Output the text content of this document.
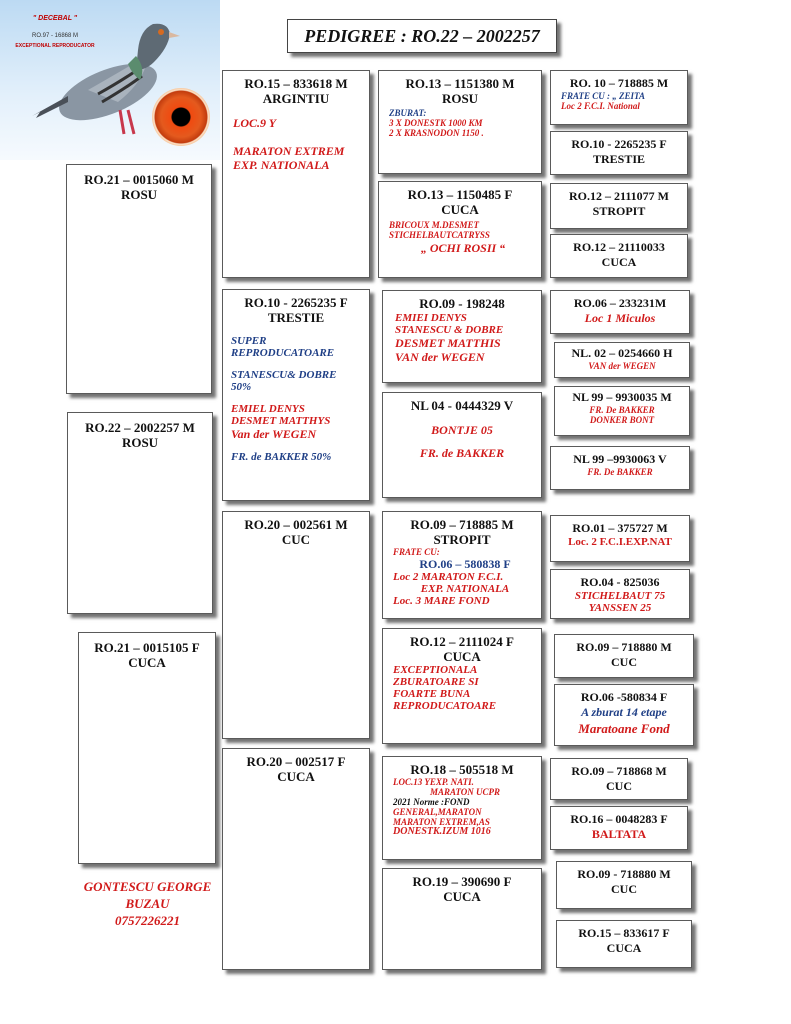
" DECEBAL "
RO.97 - 16868 M
EXCEPTIONAL REPRODUCATOR	PEDIGREE : RO.22 – 2002257
RO.21 – 0015060 M
ROSU
RO.22 – 2002257 M
ROSU
RO.21 – 0015105 F
CUCA
GONTESCU GEORGE
BUZAU
0757226221
RO.15 – 833618 M
ARGINTIU
LOC.9 Y
MARATON EXTREM
EXP. NATIONALA
RO.10 - 2265235 F
TRESTIE
SUPER
REPRODUCATOARE
STANESCU& DOBRE
50%
EMIEL DENYS
DESMET MATTHYS
Van der WEGEN
FR. de BAKKER 50%
RO.20 – 002561 M
CUC
RO.20 – 002517 F
CUCA
RO.13 – 1151380 M
ROSU
ZBURAT:
3 X DONESTK 1000 KM
2 X KRASNODON 1150 .
RO.13 – 1150485 F
CUCA
BRICOUX M.DESMET
STICHELBAUTCATRYSS
„ OCHI ROSII “
RO.09 - 198248
EMIEI DENYS
STANESCU & DOBRE
DESMET MATTHIS
VAN der WEGEN
NL 04 - 0444329 V
BONTJE 05
FR. de BAKKER
RO.09 – 718885 M
STROPIT
FRATE CU:
RO.06 – 580838 F
Loc 2 MARATON F.C.I.
EXP. NATIONALA
Loc. 3 MARE FOND
RO.12 – 2111024 F
CUCA
EXCEPTIONALA
ZBURATOARE SI
FOARTE BUNA
REPRODUCATOARE
RO.18 – 505518 M
LOC.13 YEXP. NATI.
MARATON UCPR
2021 Norme :FOND
GENERAL,MARATON
MARATON EXTREM,AS
DONESTK.IZUM 1016
RO.19 – 390690 F
CUCA
RO. 10 – 718885 M
FRATE CU : „ ZEITA
Loc 2 F.C.I. National
RO.10 - 2265235 F
TRESTIE
RO.12 – 2111077 M
STROPIT
RO.12 – 21110033
CUCA
RO.06 – 233231M
Loc 1 Miculos
NL. 02 – 0254660 H
VAN der WEGEN
NL 99 – 9930035 M
FR. De BAKKER
DONKER BONT
NL 99 –9930063 V
FR. De BAKKER
RO.01 – 375727 M
Loc. 2 F.C.I.EXP.NAT
RO.04 - 825036
STICHELBAUT 75
YANSSEN 25
RO.09 – 718880 M
CUC
RO.06 -580834 F
A zburat 14 etape
Maratoane Fond
RO.09 – 718868 M
CUC
RO.16 – 0048283 F
BALTATA
RO.09 - 718880 M
CUC
RO.15 – 833617 F
CUCA
